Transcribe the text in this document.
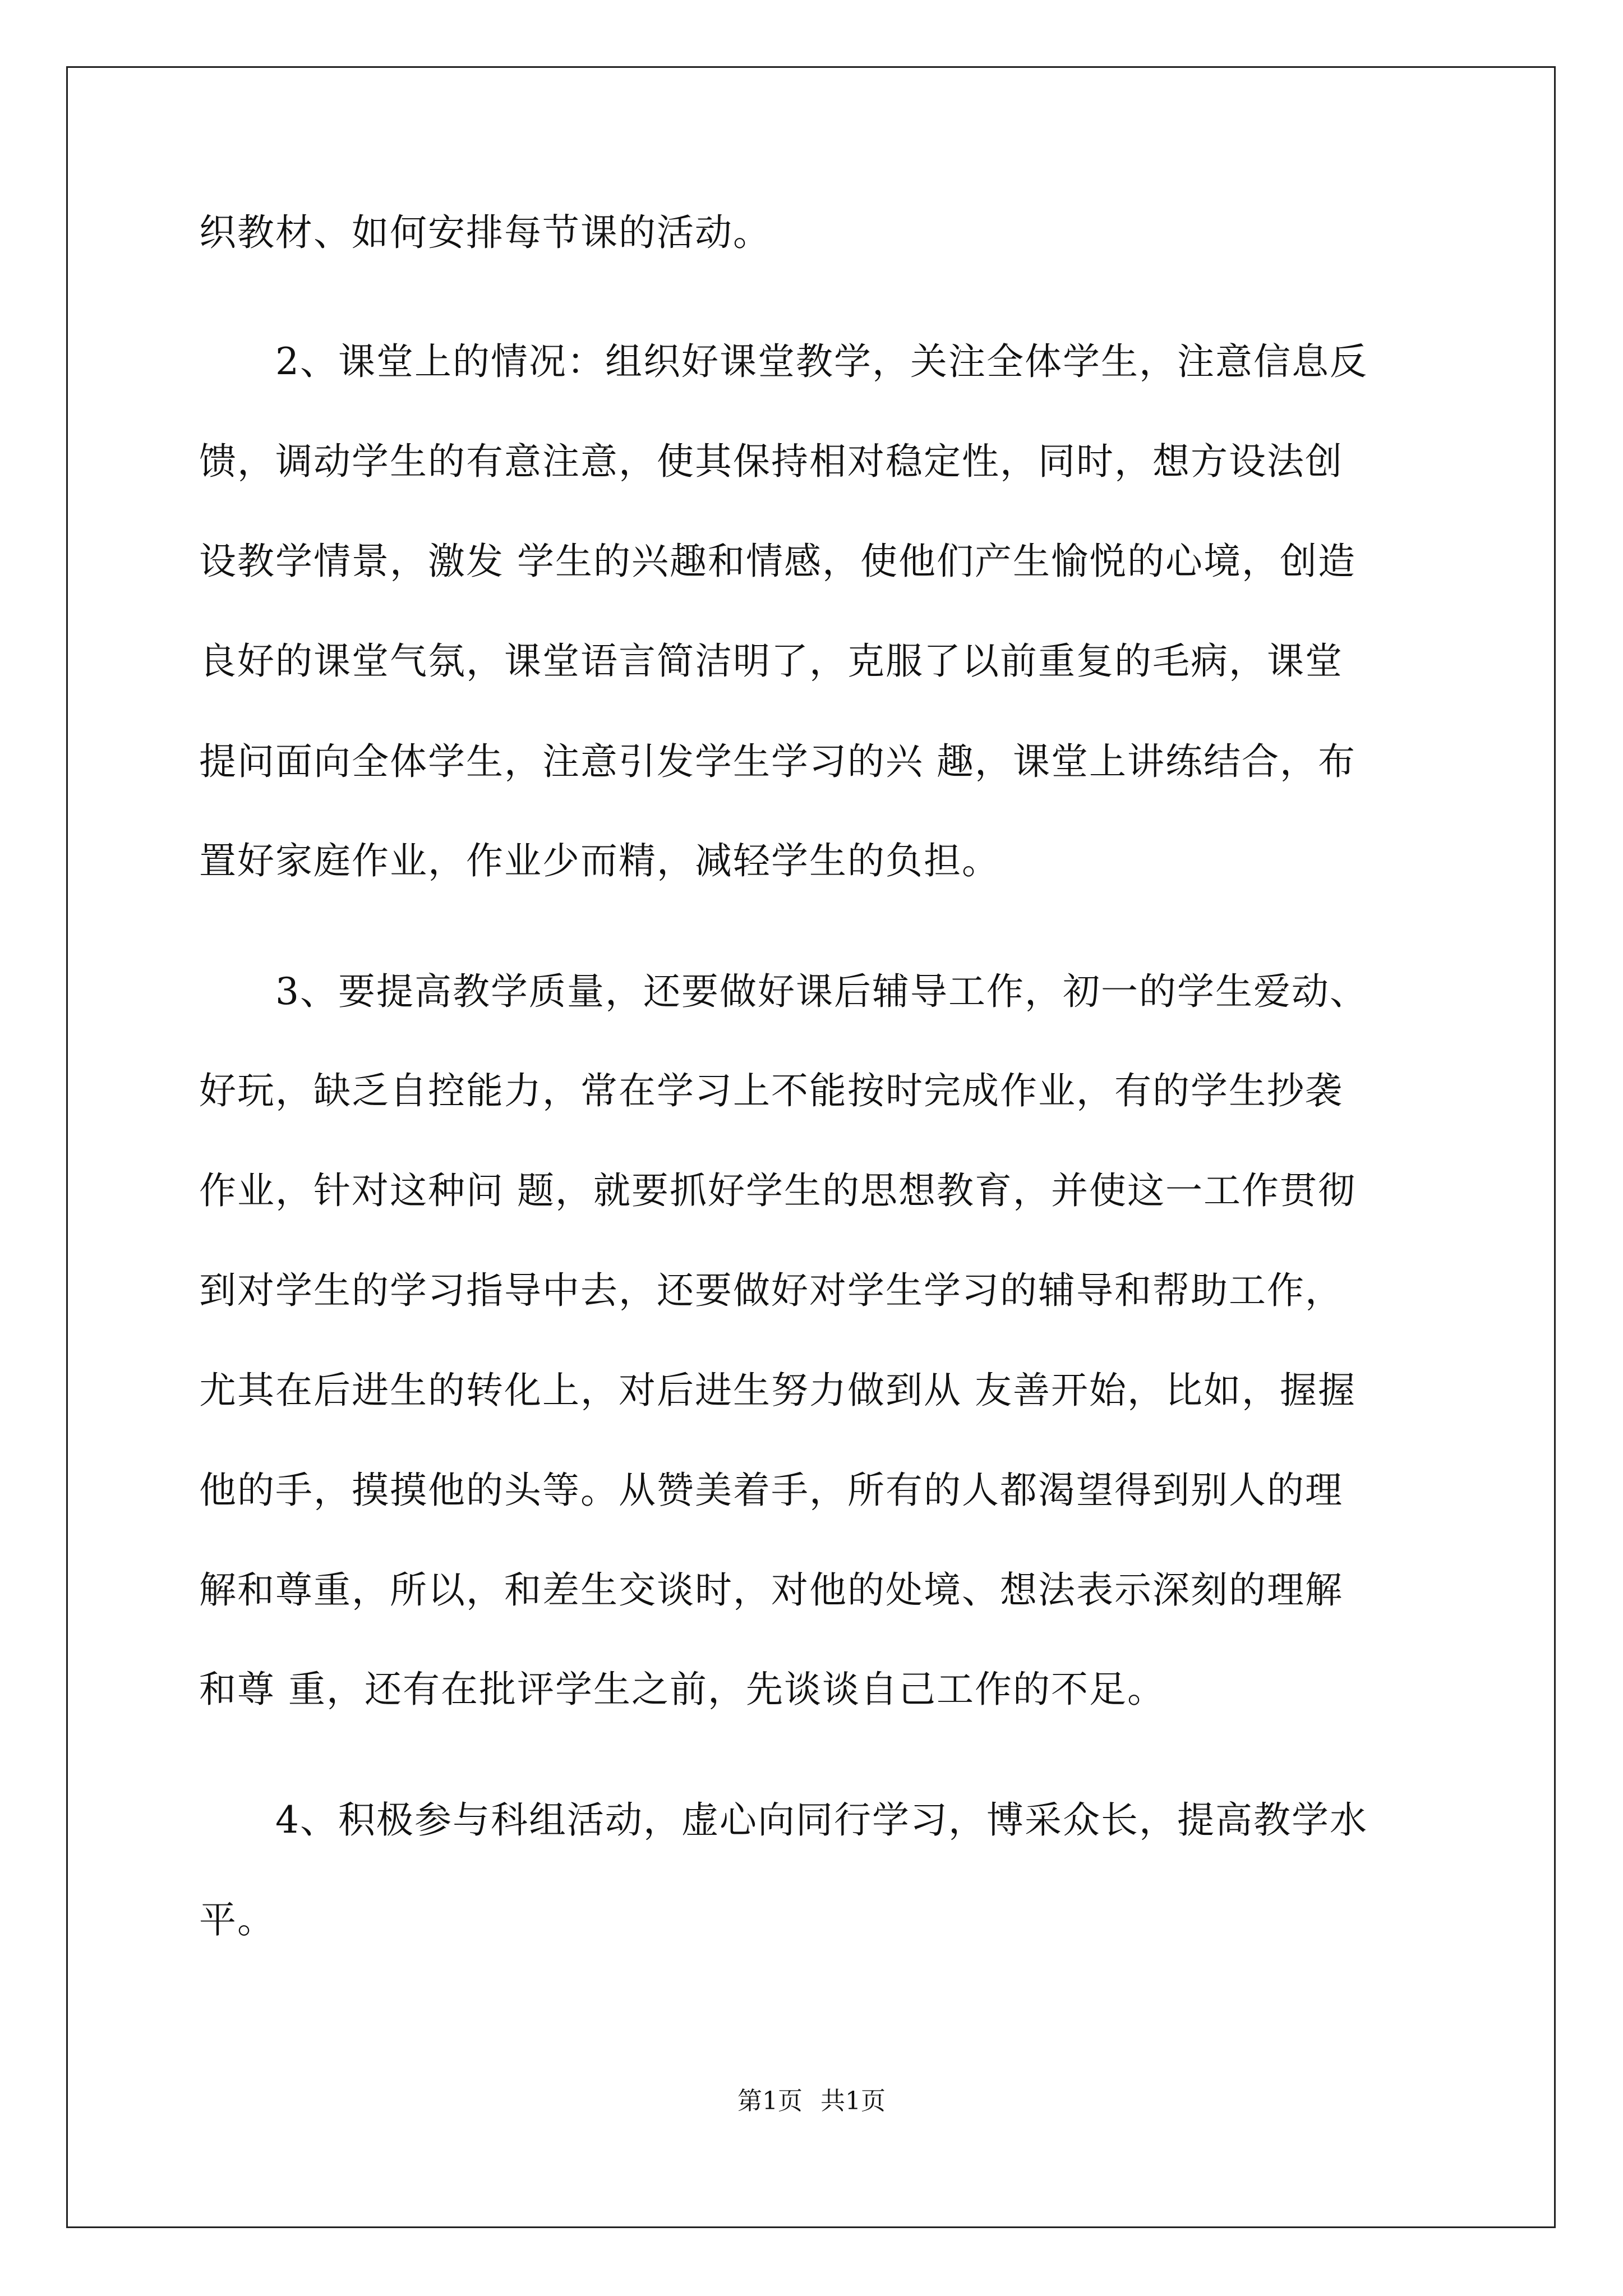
织教材、如何安排每节课的活动。
　　2、课堂上的情况：组织好课堂教学，关注全体学生，注意信息反
馈，调动学生的有意注意，使其保持相对稳定性，同时，想方设法创
设教学情景，激发 学生的兴趣和情感，使他们产生愉悦的心境，创造
良好的课堂气氛，课堂语言简洁明了，克服了以前重复的毛病，课堂
提问面向全体学生，注意引发学生学习的兴 趣，课堂上讲练结合，布
置好家庭作业，作业少而精，减轻学生的负担。
　　3、要提高教学质量，还要做好课后辅导工作，初一的学生爱动、
好玩，缺乏自控能力，常在学习上不能按时完成作业，有的学生抄袭
作业，针对这种问 题，就要抓好学生的思想教育，并使这一工作贯彻
到对学生的学习指导中去，还要做好对学生学习的辅导和帮助工作，
尤其在后进生的转化上，对后进生努力做到从 友善开始，比如，握握
他的手，摸摸他的头等。从赞美着手，所有的人都渴望得到别人的理
解和尊重，所以，和差生交谈时，对他的处境、想法表示深刻的理解
和尊 重，还有在批评学生之前，先谈谈自己工作的不足。
　　4、积极参与科组活动，虚心向同行学习，博采众长，提高教学水
平。
第1页 共1页
